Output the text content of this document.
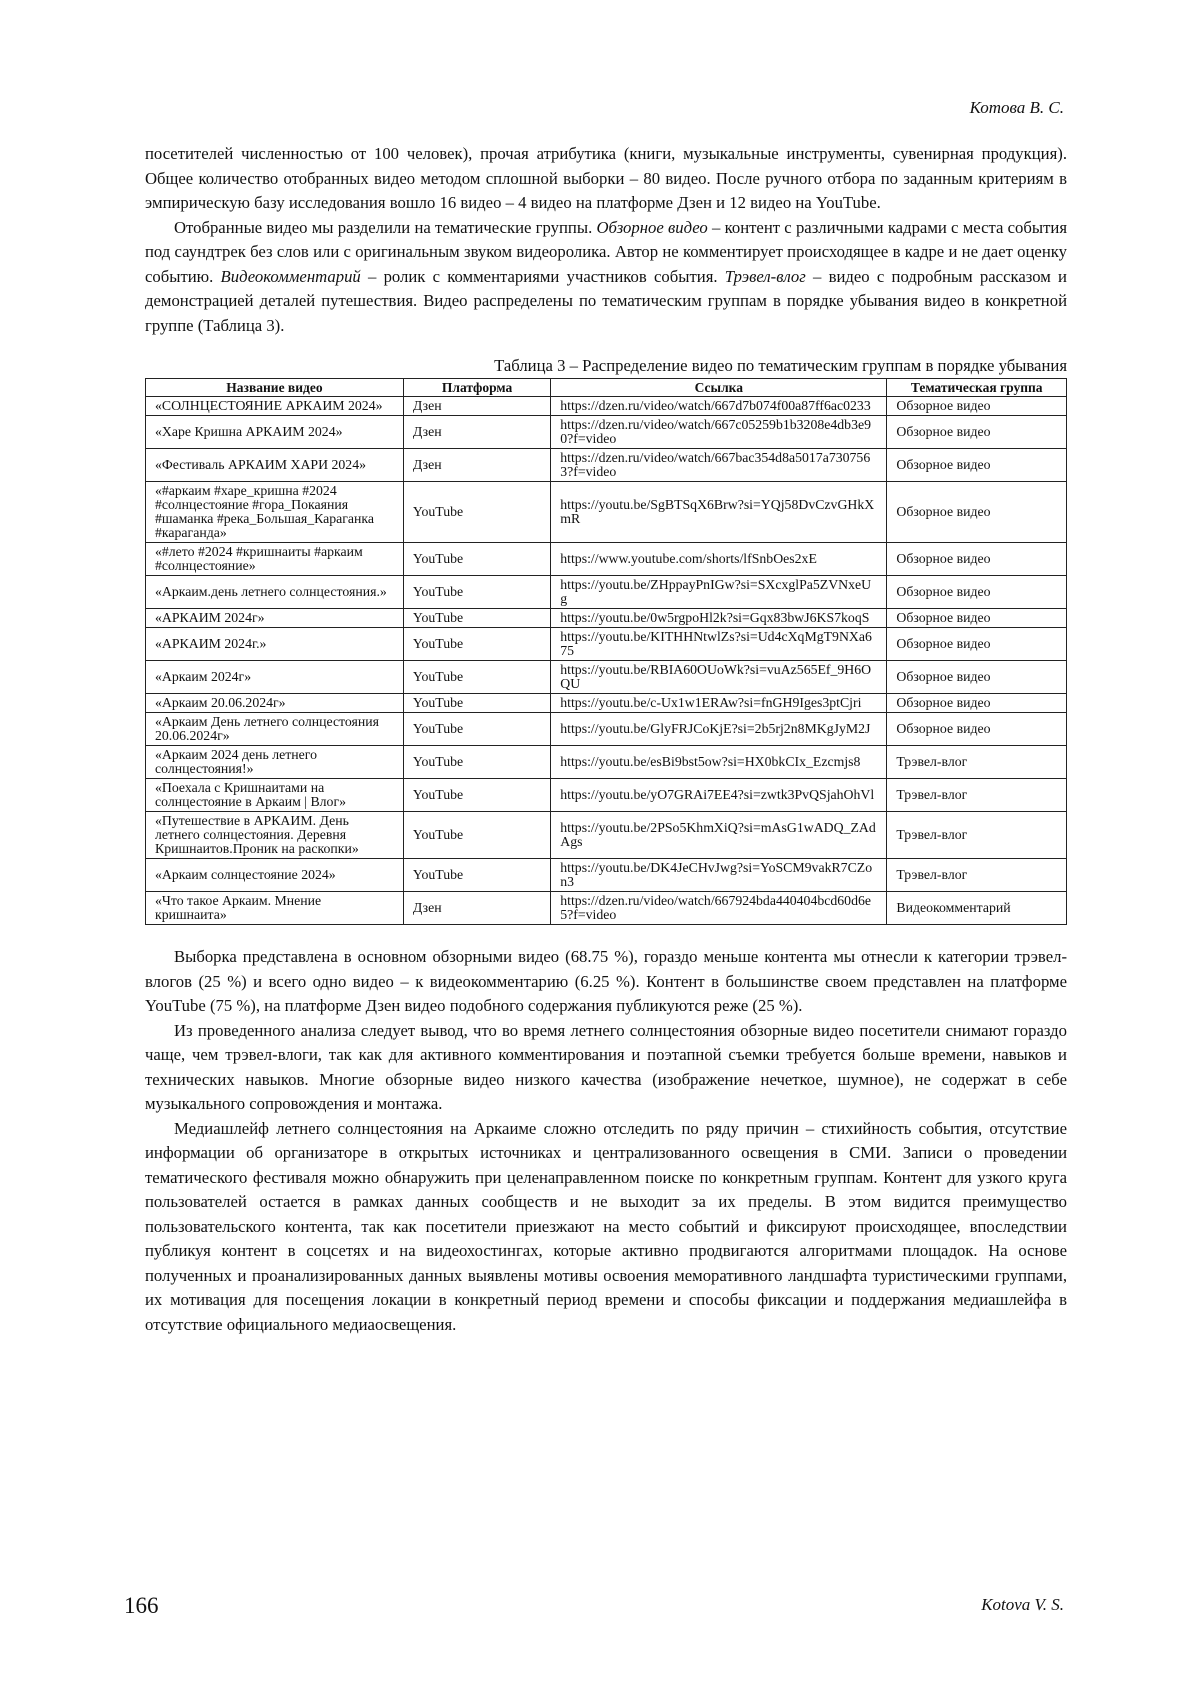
Котова В. С.

посетителей численностью от 100 человек), прочая атрибутика (книги, музыкальные инструменты, сувенирная продукция). Общее количество отобранных видео методом сплошной выборки – 80 видео. После ручного отбора по заданным критериям в эмпирическую базу исследования вошло 16 видео – 4 видео на платформе Дзен и 12 видео на YouTube.

Отобранные видео мы разделили на тематические группы. Обзорное видео – контент с различными кадрами с места события под саундтрек без слов или с оригинальным звуком видеоролика. Автор не комментирует происходящее в кадре и не дает оценку событию. Видеокомментарий – ролик с комментариями участников события. Трэвел-влог – видео с подробным рассказом и демонстрацией деталей путешествия. Видео распределены по тематическим группам в порядке убывания видео в конкретной группе (Таблица 3).

Таблица 3 – Распределение видео по тематическим группам в порядке убывания
Название видео	Платформа	Ссылка	Тематическая группа
«СОЛНЦЕСТОЯНИЕ АРКАИМ 2024»	Дзен	https://dzen.ru/video/watch/667d7b074f00a87ff6ac0233	Обзорное видео
«Харе Кришна АРКАИМ 2024»	Дзен	https://dzen.ru/video/watch/667c05259b1b3208e4db3e90?f=video	Обзорное видео
«Фестиваль АРКАИМ ХАРИ 2024»	Дзен	https://dzen.ru/video/watch/667bac354d8a5017a7307563?f=video	Обзорное видео
«#аркаим #харе_кришна #2024 #солнцестояние #гора_Покаяния #шаманка #река_Большая_Караганка #караганда»	YouTube	https://youtu.be/SgBTSqX6Brw?si=YQj58DvCzvGHkXmR	Обзорное видео
«#лето #2024 #кришнаиты #аркаим #солнцестояние»	YouTube	https://www.youtube.com/shorts/lfSnbOes2xE	Обзорное видео
«Аркаим.день летнего солнцестояния.»	YouTube	https://youtu.be/ZHppayPnIGw?si=SXcxglPa5ZVNxeUg	Обзорное видео
«АРКАИМ 2024г»	YouTube	https://youtu.be/0w5rgpoHl2k?si=Gqx83bwJ6KS7koqS	Обзорное видео
«АРКАИМ 2024г.»	YouTube	https://youtu.be/KITHHNtwlZs?si=Ud4cXqMgT9NXa675	Обзорное видео
«Аркаим 2024г»	YouTube	https://youtu.be/RBIA60OUoWk?si=vuAz565Ef_9H6OQU	Обзорное видео
«Аркаим 20.06.2024г»	YouTube	https://youtu.be/c-Ux1w1ERAw?si=fnGH9Iges3ptCjri	Обзорное видео
«Аркаим День летнего солнцестояния 20.06.2024г»	YouTube	https://youtu.be/GlyFRJCoKjE?si=2b5rj2n8MKgJyM2J	Обзорное видео
«Аркаим 2024 день летнего солнцестояния!»	YouTube	https://youtu.be/esBi9bst5ow?si=HX0bkCIx_Ezcmjs8	Трэвел-влог
«Поехала с Кришнаитами на солнцестояние в Аркаим | Влог»	YouTube	https://youtu.be/yO7GRAi7EE4?si=zwtk3PvQSjahOhVl	Трэвел-влог
«Путешествие в АРКАИМ. День летнего солнцестояния. Деревня Кришнаитов.Проник на раскопки»	YouTube	https://youtu.be/2PSo5KhmXiQ?si=mAsG1wADQ_ZAdAgs	Трэвел-влог
«Аркаим солнцестояние 2024»	YouTube	https://youtu.be/DK4JeCHvJwg?si=YoSCM9vakR7CZon3	Трэвел-влог
«Что такое Аркаим. Мнение кришнаита»	Дзен	https://dzen.ru/video/watch/667924bda440404bcd60d6e5?f=video	Видеокомментарий

Выборка представлена в основном обзорными видео (68.75 %), гораздо меньше контента мы отнесли к категории трэвел-влогов (25 %) и всего одно видео – к видеокомментарию (6.25 %). Контент в большинстве своем представлен на платформе YouTube (75 %), на платформе Дзен видео подобного содержания публикуются реже (25 %).

Из проведенного анализа следует вывод, что во время летнего солнцестояния обзорные видео посетители снимают гораздо чаще, чем трэвел-влоги, так как для активного комментирования и поэтапной съемки требуется больше времени, навыков и технических навыков. Многие обзорные видео низкого качества (изображение нечеткое, шумное), не содержат в себе музыкального сопровождения и монтажа.

Медиашлейф летнего солнцестояния на Аркаиме сложно отследить по ряду причин – стихийность события, отсутствие информации об организаторе в открытых источниках и централизованного освещения в СМИ. Записи о проведении тематического фестиваля можно обнаружить при целенаправленном поиске по конкретным группам. Контент для узкого круга пользователей остается в рамках данных сообществ и не выходит за их пределы. В этом видится преимущество пользовательского контента, так как посетители приезжают на место событий и фиксируют происходящее, впоследствии публикуя контент в соцсетях и на видеохостингах, которые активно продвигаются алгоритмами площадок. На основе полученных и проанализированных данных выявлены мотивы освоения меморативного ландшафта туристическими группами, их мотивация для посещения локации в конкретный период времени и способы фиксации и поддержания медиашлейфа в отсутствие официального медиаосвещения.

166	Kotova V. S.
